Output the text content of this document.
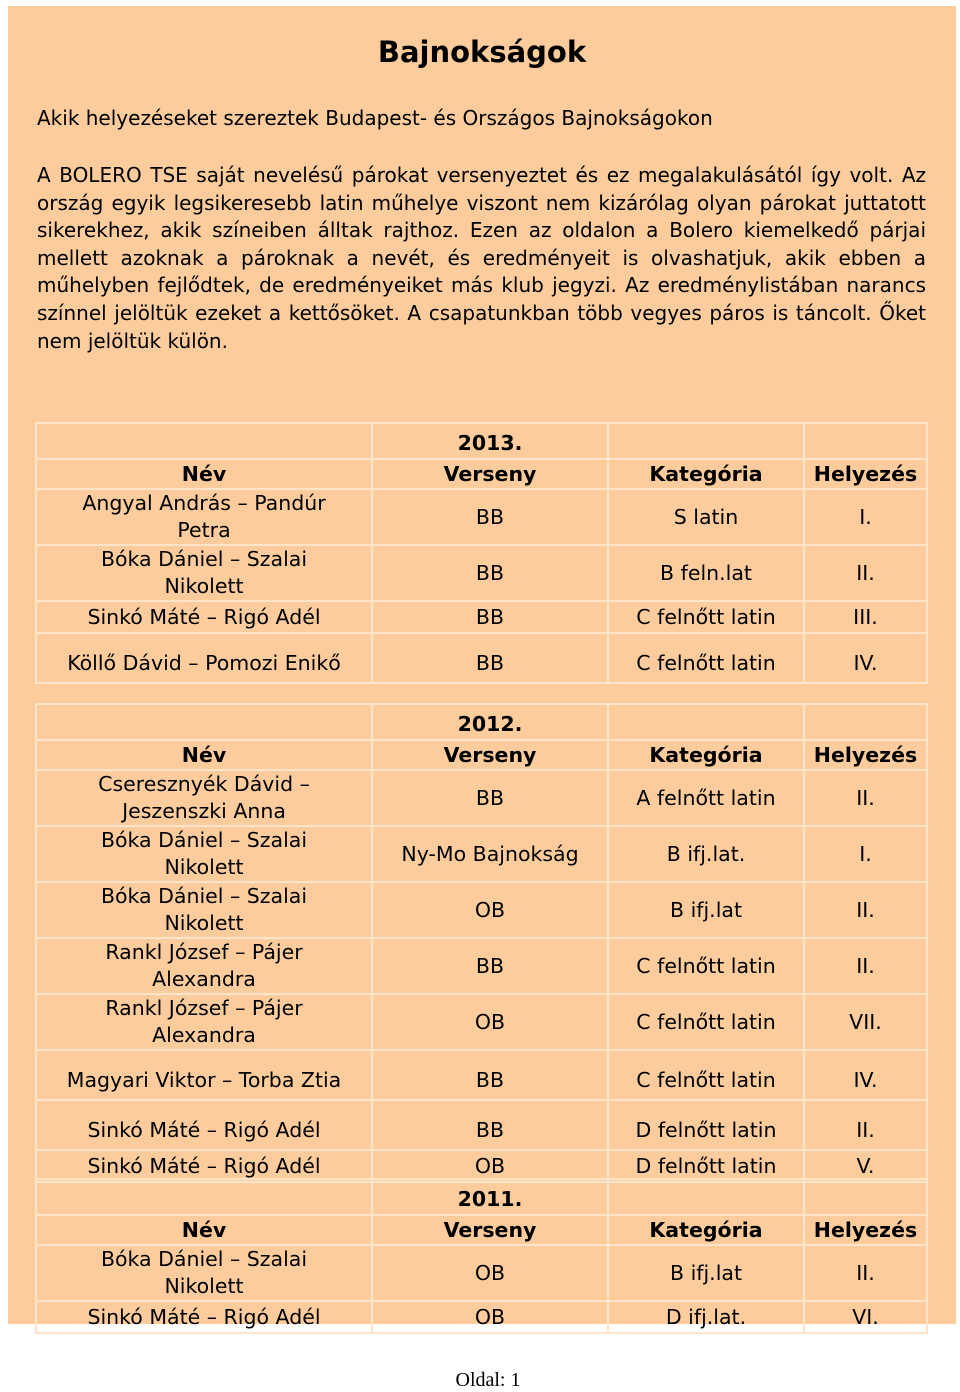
Bajnokságok
Akik helyezéseket szereztek Budapest- és Országos Bajnokságokon

A BOLERO TSE saját nevelésű párokat versenyeztet és ez megalakulásától így volt. Az ország egyik legsikeresebb latin műhelye viszont nem kizárólag olyan párokat juttatott sikerekhez, akik színeiben álltak rajthoz. Ezen az oldalon a Bolero kiemelkedő párjai mellett azoknak a pároknak a nevét, és eredményeit is olvashatjuk, akik ebben a műhelyben fejlődtek, de eredményeiket más klub jegyzi. Az eredménylistában narancs színnel jelöltük ezeket a kettősöket. A csapatunkban több vegyes páros is táncolt. Őket nem jelöltük külön.

	2013.		
Név	Verseny	Kategória	Helyezés
Angyal András – Pandúr Petra	BB	S latin	I.
Bóka Dániel – Szalai Nikolett	BB	B feln.lat	II.
Sinkó Máté – Rigó Adél	BB	C felnőtt latin	III.
Köllő Dávid – Pomozi Enikő	BB	C felnőtt latin	IV.
	2012.		
Név	Verseny	Kategória	Helyezés
Cseresznyék Dávid – Jeszenszki Anna	BB	A felnőtt latin	II.
Bóka Dániel – Szalai Nikolett	Ny-Mo Bajnokság	B ifj.lat.	I.
Bóka Dániel – Szalai Nikolett	OB	B ifj.lat	II.
Rankl József – Pájer Alexandra	BB	C felnőtt latin	II.
Rankl József – Pájer Alexandra	OB	C felnőtt latin	VII.
Magyari Viktor – Torba Ztia	BB	C felnőtt latin	IV.
Sinkó Máté – Rigó Adél	BB	D felnőtt latin	II.
Sinkó Máté – Rigó Adél	OB	D felnőtt latin	V.
	2011.		
Név	Verseny	Kategória	Helyezés
Bóka Dániel – Szalai Nikolett	OB	B ifj.lat	II.
Sinkó Máté – Rigó Adél	OB	D ifj.lat.	VI.
Oldal: 1
